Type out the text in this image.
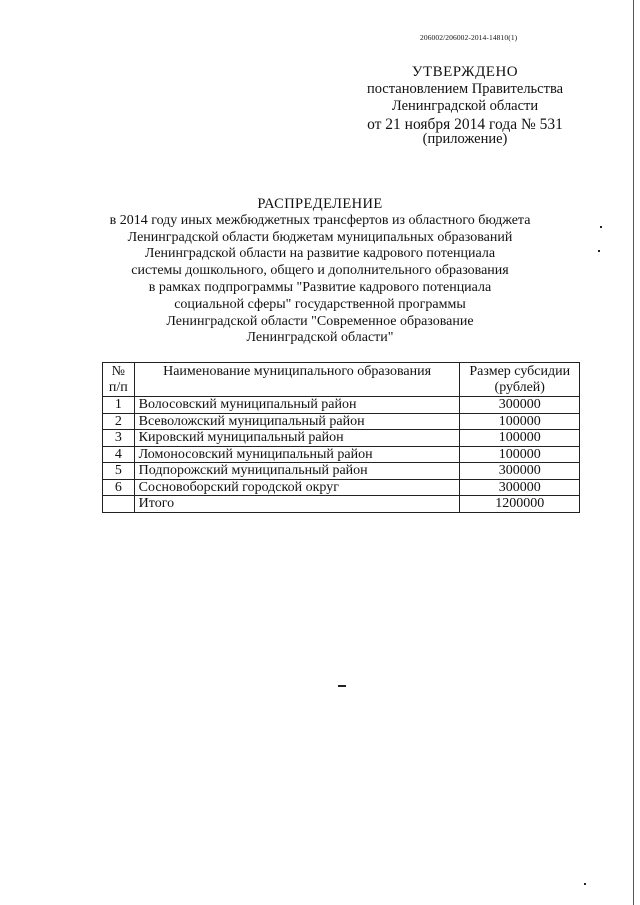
206002/206002-2014-14810(1)
УТВЕРЖДЕНО
постановлением Правительства
Ленинградской области
от 21 ноября 2014 года № 531
(приложение)
РАСПРЕДЕЛЕНИЕ
в 2014 году иных межбюджетных трансфертов из областного бюджета
Ленинградской области бюджетам муниципальных образований
Ленинградской области на развитие кадрового потенциала
системы дошкольного, общего и дополнительного образования
в рамках подпрограммы "Развитие кадрового потенциала
социальной сферы" государственной программы
Ленинградской области "Современное образование
Ленинградской области"
№
п/п	Наименование муниципального образования	Размер субсидии
(рублей)
1	Волосовский муниципальный район	300000
2	Всеволожский муниципальный район	100000
3	Кировский муниципальный район	100000
4	Ломоносовский муниципальный район	100000
5	Подпорожский муниципальный район	300000
6	Сосновоборский городской округ	300000
	Итого	1200000
